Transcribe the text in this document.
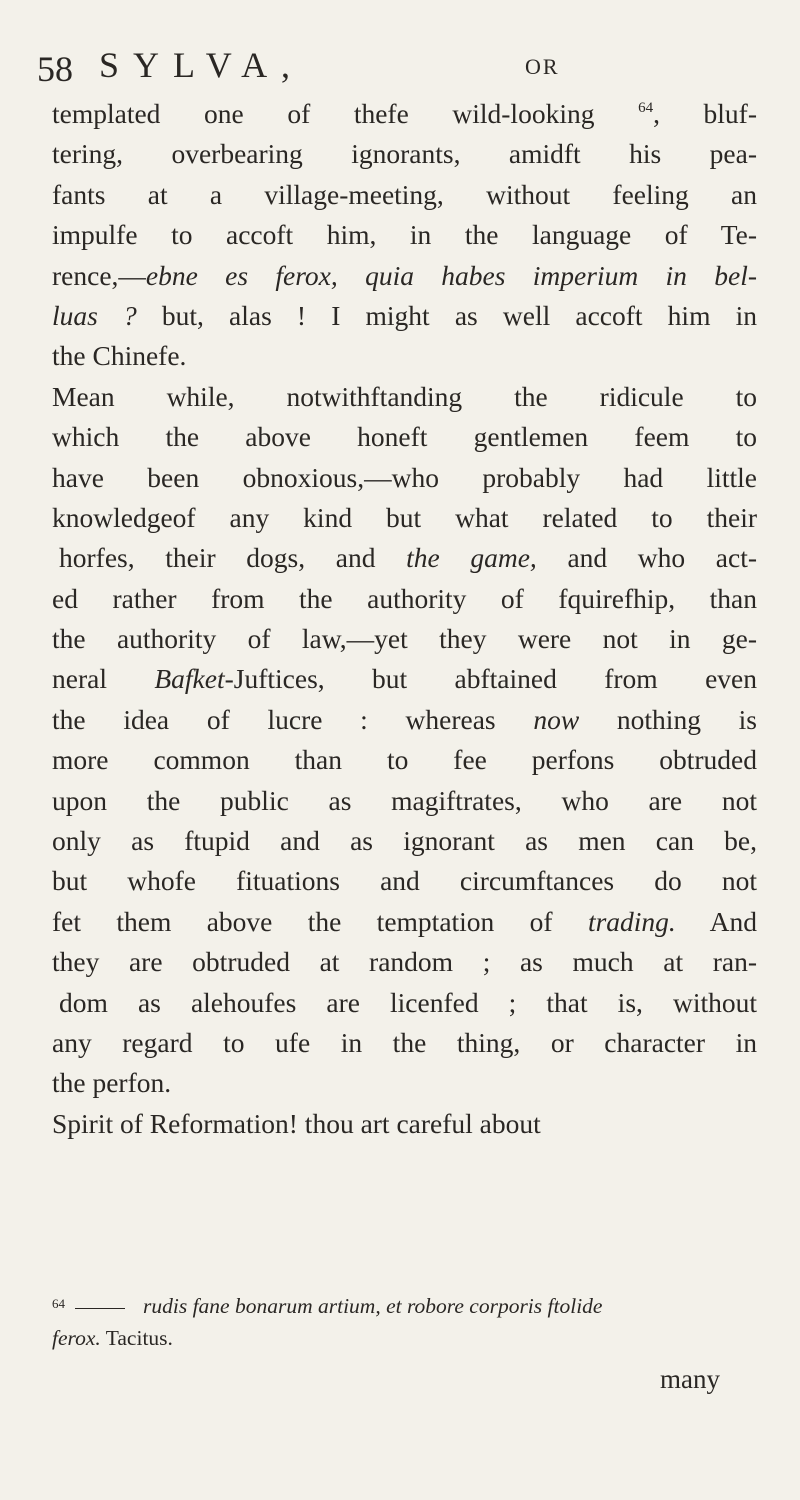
58 SYLVA,	OR
templated one of thefe wild-looking	$^{64}$, bluf-
tering, overbearing ignorants, amidft his pea-
fants at a village-meeting, without feeling an
impulfe to accoft him, in the language of Te-
rence,—ebne es ferox, quia habes imperium in bel-
luas ? but, alas ! I might as well accoft him in
the Chinefe.
Mean while, notwithftanding the ridicule to
which the above honeft gentlemen feem to
have been obnoxious,—who probably had little
knowledgeof any kind but what related to their
horfes, their dogs, and the game, and who act-
ed rather from the authority of fquirefhip, than
the authority of law,—yet they were not in ge-
neral Bafket-Juftices, but abftained from even
the idea of lucre : whereas now nothing is
more common than to fee perfons obtruded
upon the public as magiftrates, who are not
only as ftupid and as ignorant as men can be,
but whofe fituations and circumftances do not
fet them above the temptation of trading. And
they are obtruded at random ; as much at ran-
dom as alehoufes are licenfed ; that is, without
any regard to ufe in the thing, or character in
the perfon.
Spirit of Reformation! thou art careful about
$^{64}$	rudis fane bonarum artium, et robore corporis ftolide
ferox. Tacitus.
many
